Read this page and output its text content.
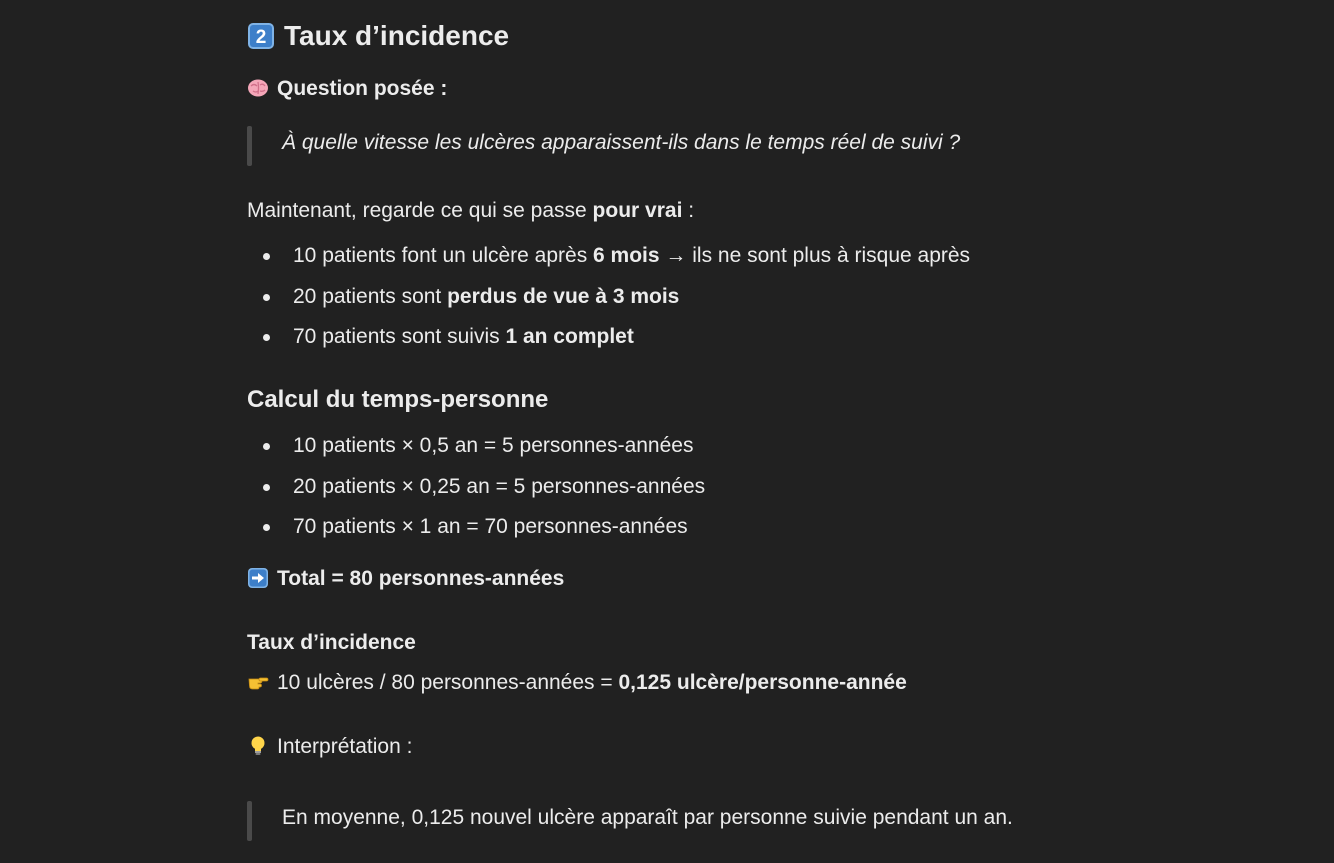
2 Taux d’incidence
Question posée :
À quelle vitesse les ulcères apparaissent-ils dans le temps réel de suivi ?
Maintenant, regarde ce qui se passe pour vrai :
10 patients font un ulcère après 6 mois → ils ne sont plus à risque après
20 patients sont perdus de vue à 3 mois
70 patients sont suivis 1 an complet
Calcul du temps-personne
10 patients × 0,5 an = 5 personnes-années
20 patients × 0,25 an = 5 personnes-années
70 patients × 1 an = 70 personnes-années
Total = 80 personnes-années
Taux d’incidence
10 ulcères / 80 personnes-années = 0,125 ulcère/personne-année
Interprétation :
En moyenne, 0,125 nouvel ulcère apparaît par personne suivie pendant un an.
